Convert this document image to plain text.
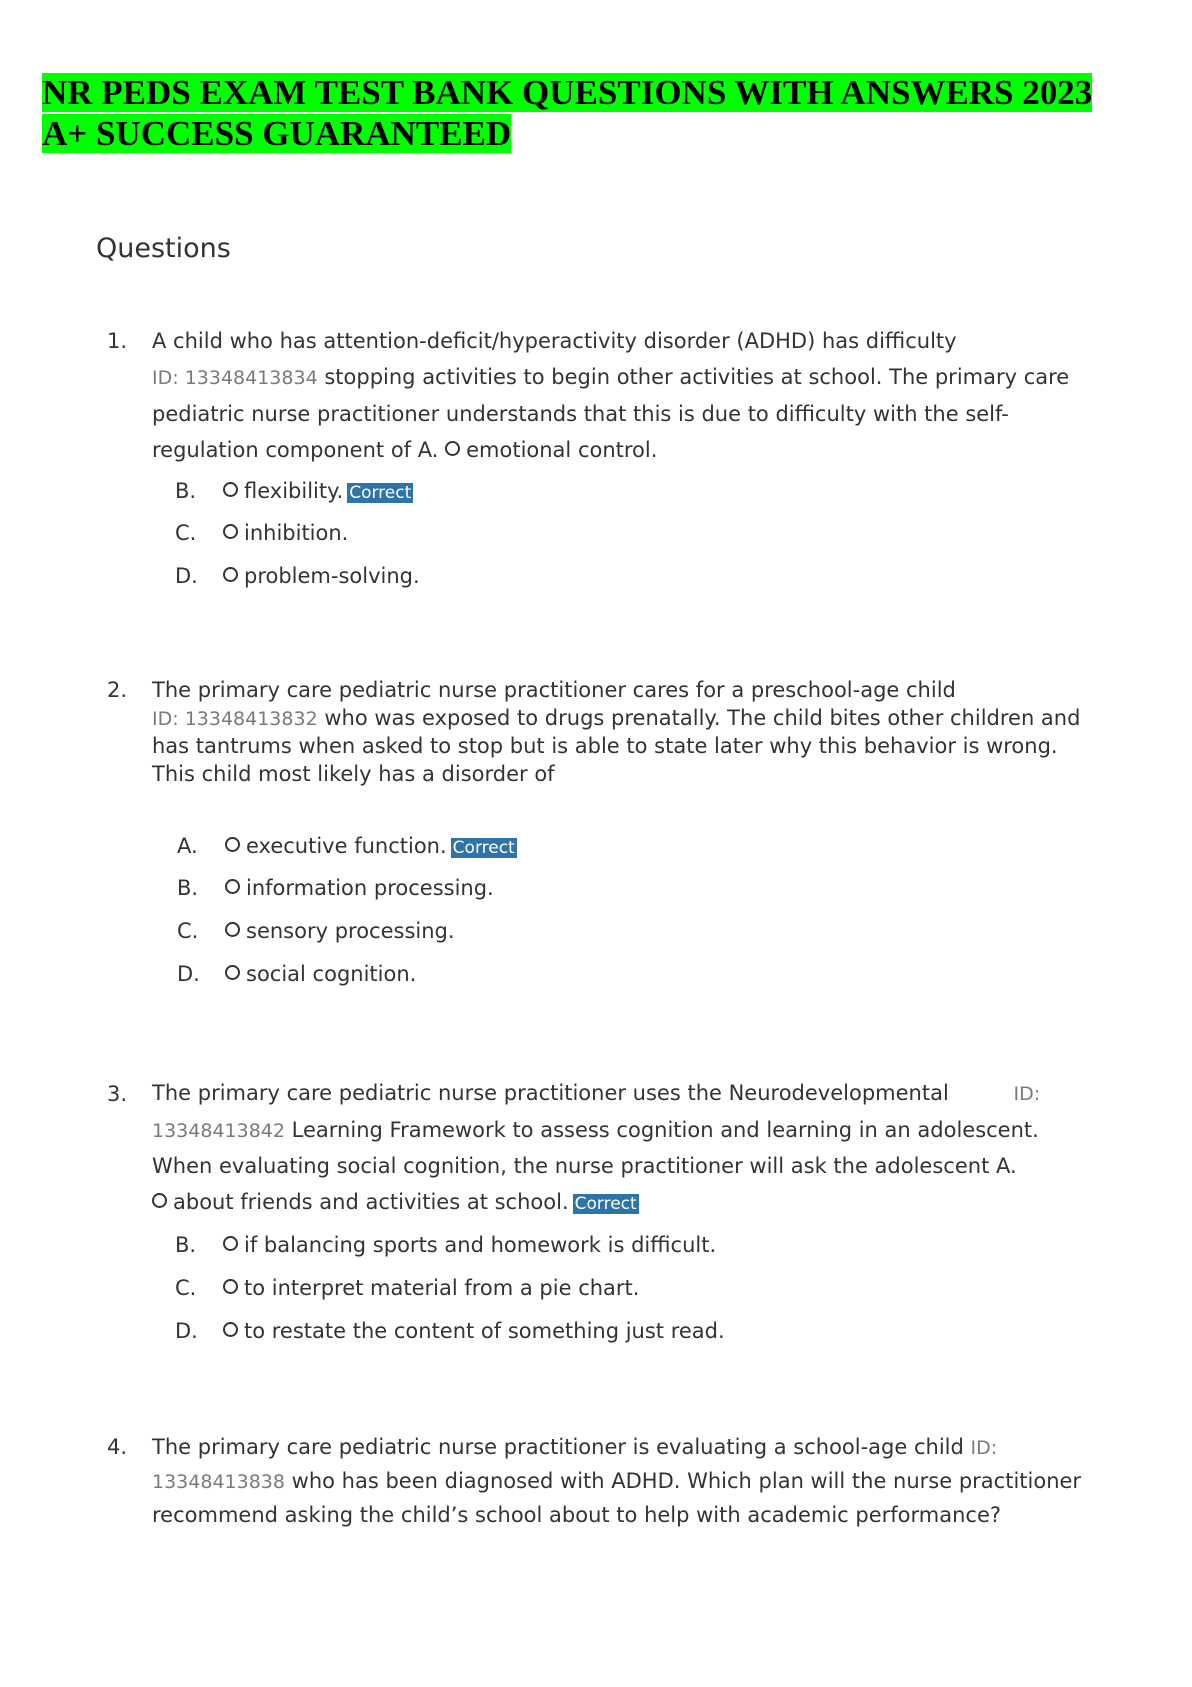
NR PEDS EXAM TEST BANK QUESTIONS WITH ANSWERS 2023
A+ SUCCESS GUARANTEED
Questions
1. A child who has attention-deficit/hyperactivity disorder (ADHD) has difficulty
ID: 13348413834 stopping activities to begin other activities at school. The primary care pediatric nurse practitioner understands that this is due to difficulty with the self-regulation component of A. emotional control.

B. flexibility. Correct
C. inhibition.
D. problem-solving.
2. The primary care pediatric nurse practitioner cares for a preschool-age child
ID: 13348413832 who was exposed to drugs prenatally. The child bites other children and has tantrums when asked to stop but is able to state later why this behavior is wrong. This child most likely has a disorder of

A. executive function. Correct
B. information processing.
C. sensory processing.
D. social cognition.
3. The primary care pediatric nurse practitioner uses the Neurodevelopmental	ID:
13348413842 Learning Framework to assess cognition and learning in an adolescent. When evaluating social cognition, the nurse practitioner will ask the adolescent A.
about friends and activities at school. Correct

B. if balancing sports and homework is difficult.
C. to interpret material from a pie chart.
D. to restate the content of something just read.
4. The primary care pediatric nurse practitioner is evaluating a school-age child ID:
13348413838 who has been diagnosed with ADHD. Which plan will the nurse practitioner recommend asking the child’s school about to help with academic performance?
